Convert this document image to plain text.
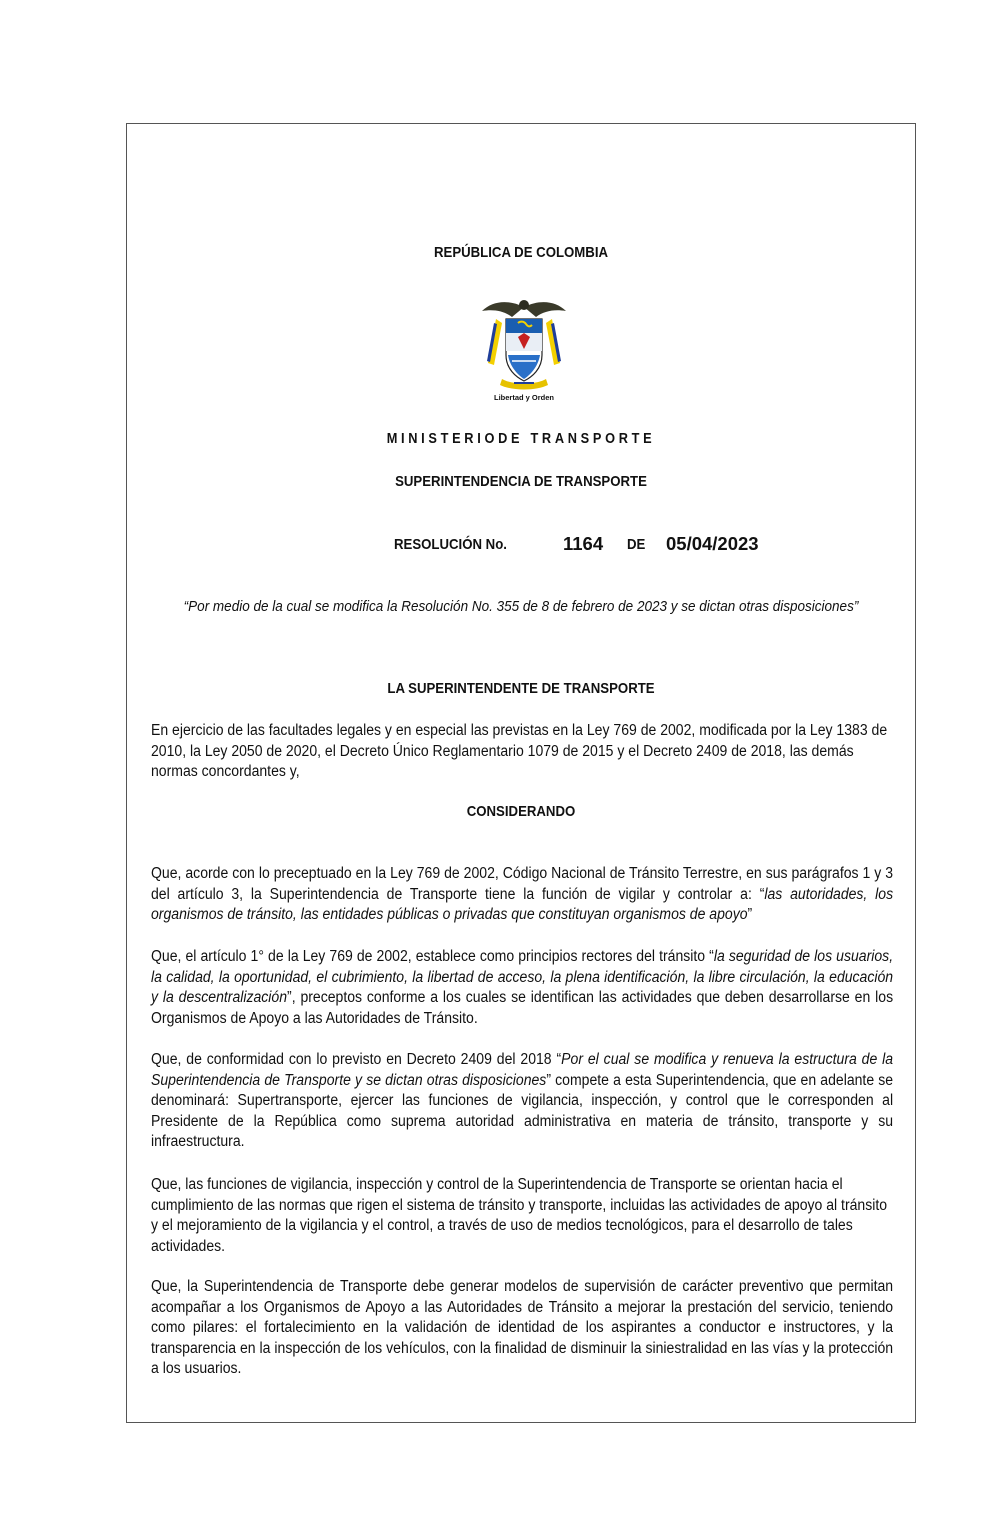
REPÚBLICA DE COLOMBIA
Libertad y Orden
MINISTERIODE TRANSPORTE
SUPERINTENDENCIA DE TRANSPORTE
RESOLUCIÓN No.	1164 DE 05/04/2023
“Por medio de la cual se modifica la Resolución No. 355 de 8 de febrero de 2023 y se dictan otras disposiciones”
LA SUPERINTENDENTE DE TRANSPORTE
En ejercicio de las facultades legales y en especial las previstas en la Ley 769 de 2002, modificada por la Ley 1383 de 2010, la Ley 2050 de 2020, el Decreto Único Reglamentario 1079 de 2015 y el Decreto 2409 de 2018, las demás normas concordantes y,
CONSIDERANDO
Que, acorde con lo preceptuado en la Ley 769 de 2002, Código Nacional de Tránsito Terrestre, en sus parágrafos 1 y 3 del artículo 3, la Superintendencia de Transporte tiene la función de vigilar y controlar a: “las autoridades, los organismos de tránsito, las entidades públicas o privadas que constituyan organismos de apoyo”
Que, el artículo 1° de la Ley 769 de 2002, establece como principios rectores del tránsito “la seguridad de los usuarios, la calidad, la oportunidad, el cubrimiento, la libertad de acceso, la plena identificación, la libre circulación, la educación y la descentralización”, preceptos conforme a los cuales se identifican las actividades que deben desarrollarse en los Organismos de Apoyo a las Autoridades de Tránsito.
Que, de conformidad con lo previsto en Decreto 2409 del 2018 “Por el cual se modifica y renueva la estructura de la Superintendencia de Transporte y se dictan otras disposiciones” compete a esta Superintendencia, que en adelante se denominará: Supertransporte, ejercer las funciones de vigilancia, inspección, y control que le corresponden al Presidente de la República como suprema autoridad administrativa en materia de tránsito, transporte y su infraestructura.
Que, las funciones de vigilancia, inspección y control de la Superintendencia de Transporte se orientan hacia el cumplimiento de las normas que rigen el sistema de tránsito y transporte, incluidas las actividades de apoyo al tránsito y el mejoramiento de la vigilancia y el control, a través de uso de medios tecnológicos, para el desarrollo de tales actividades.
Que, la Superintendencia de Transporte debe generar modelos de supervisión de carácter preventivo que permitan acompañar a los Organismos de Apoyo a las Autoridades de Tránsito a mejorar la prestación del servicio, teniendo como pilares: el fortalecimiento en la validación de identidad de los aspirantes a conductor e instructores, y la transparencia en la inspección de los vehículos, con la finalidad de disminuir la siniestralidad en las vías y la protección a los usuarios.
